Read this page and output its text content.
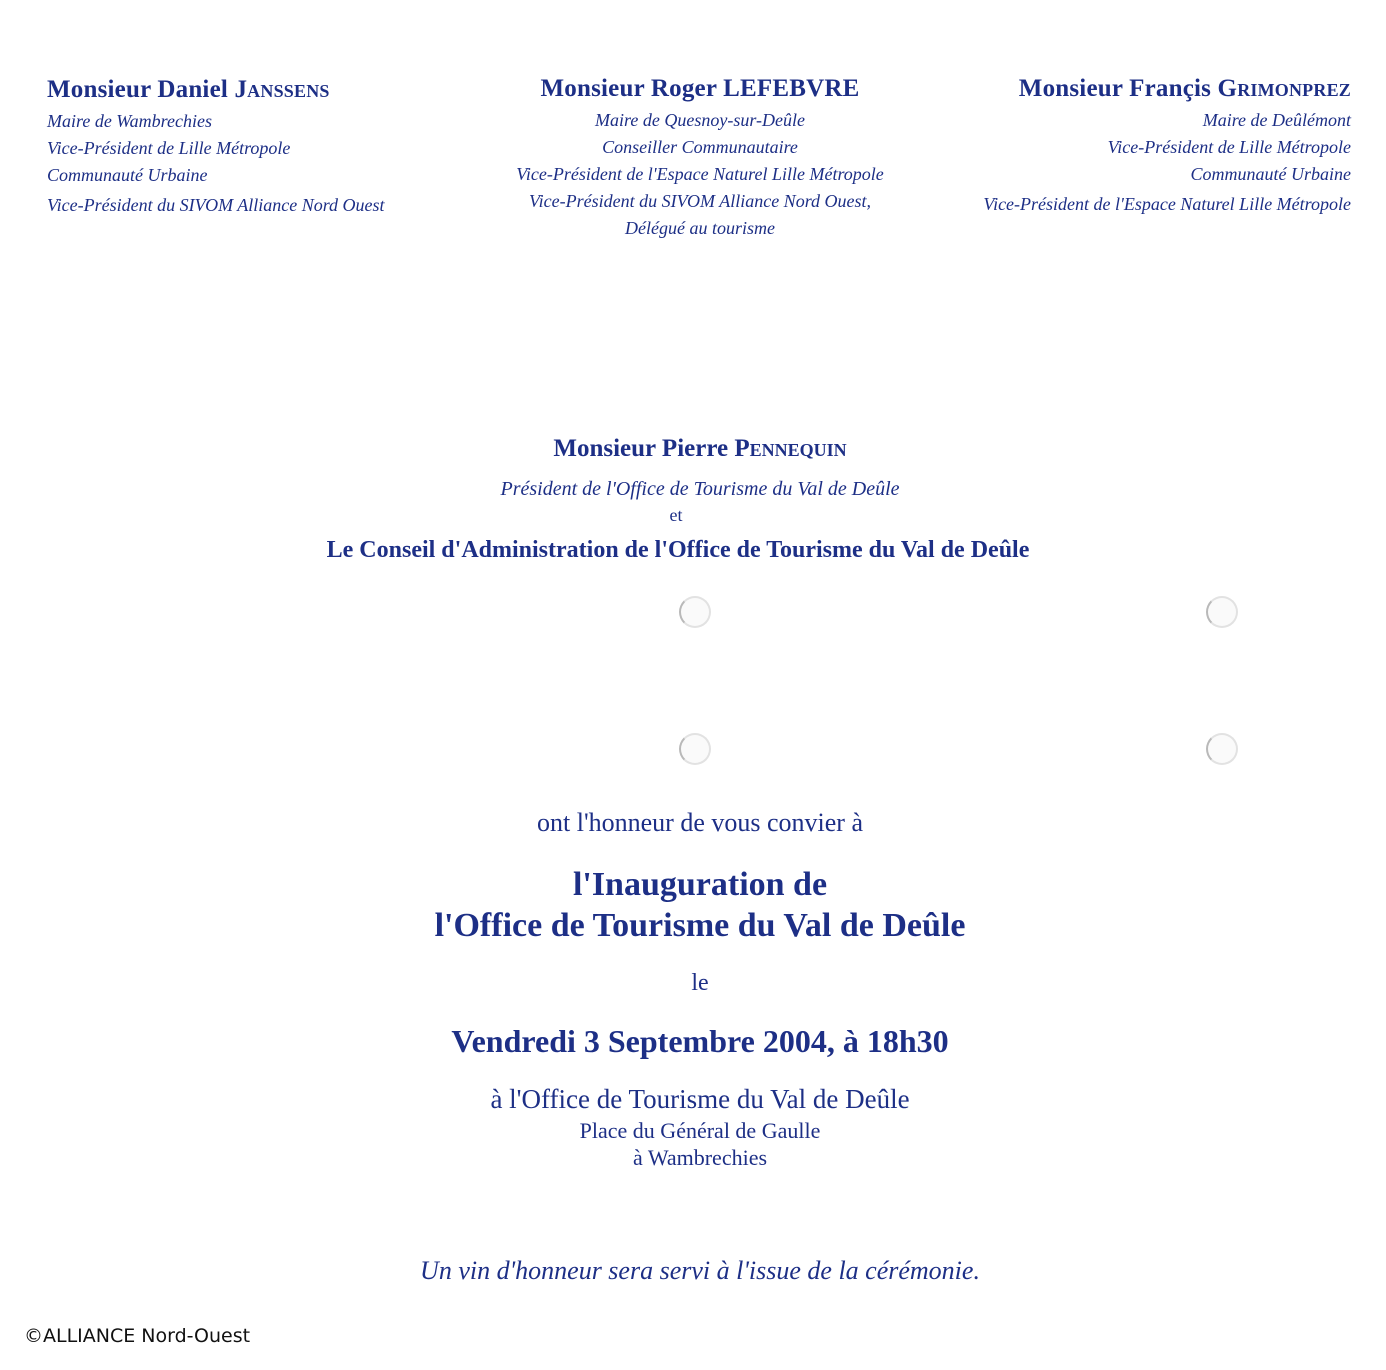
Monsieur Daniel Janssens
Maire de Wambrechies
Vice-Président de Lille Métropole
Communauté Urbaine
Vice-Président du SIVOM Alliance Nord Ouest
Monsieur Roger LEFEBVRE
Maire de Quesnoy-sur-Deûle
Conseiller Communautaire
Vice-Président de l'Espace Naturel Lille Métropole
Vice-Président du SIVOM Alliance Nord Ouest,
Délégué au tourisme
Monsieur Françis Grimonprez
Maire de Deûlémont
Vice-Président de Lille Métropole
Communauté Urbaine
Vice-Président de l'Espace Naturel Lille Métropole
Monsieur Pierre Pennequin
Président de l'Office de Tourisme du Val de Deûle
et
Le Conseil d'Administration de l'Office de Tourisme du Val de Deûle
ont l'honneur de vous convier à
l'Inauguration de
l'Office de Tourisme du Val de Deûle
le
Vendredi 3 Septembre 2004, à 18h30
à l'Office de Tourisme du Val de Deûle
Place du Général de Gaulle
à Wambrechies
Un vin d'honneur sera servi à l'issue de la cérémonie.
©ALLIANCE Nord-Ouest
